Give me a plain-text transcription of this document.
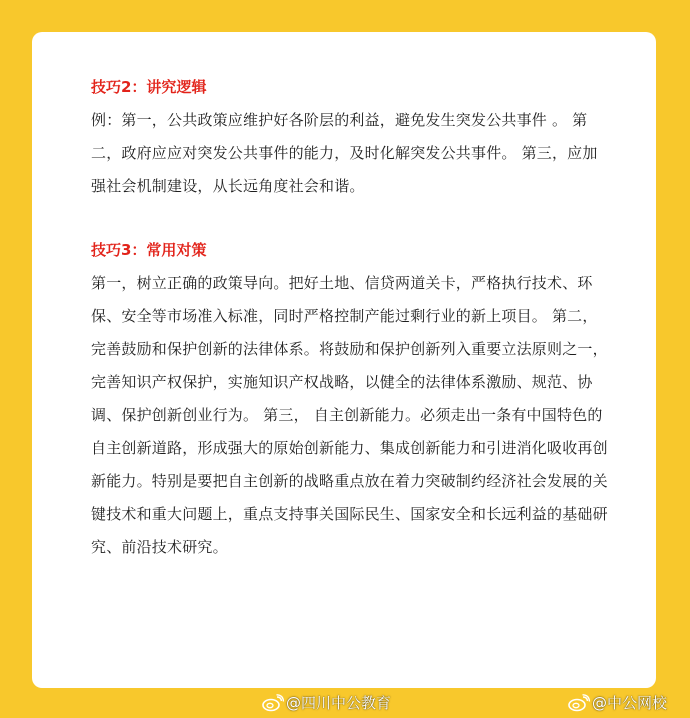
技巧2：讲究逻辑

例：第一，公共政策应维护好各阶层的利益，避免发生突发公共事件 。 第二，政府应应对突发公共事件的能力，及时化解突发公共事件。 第三，应加强社会机制建设，从长远角度社会和谐。

技巧3：常用对策

第一，树立正确的政策导向。把好土地、信贷两道关卡，严格执行技术、环保、安全等市场准入标准，同时严格控制产能过剩行业的新上项目。 第二， 完善鼓励和保护创新的法律体系。将鼓励和保护创新列入重要立法原则之一，完善知识产权保护，实施知识产权战略，以健全的法律体系激励、规范、协调、保护创新创业行为。 第三， 自主创新能力。必须走出一条有中国特色的自主创新道路，形成强大的原始创新能力、集成创新能力和引进消化吸收再创新能力。特别是要把自主创新的战略重点放在着力突破制约经济社会发展的关键技术和重大问题上，重点支持事关国际民生、国家安全和长远利益的基础研究、前沿技术研究。

@四川中公教育	@中公网校
